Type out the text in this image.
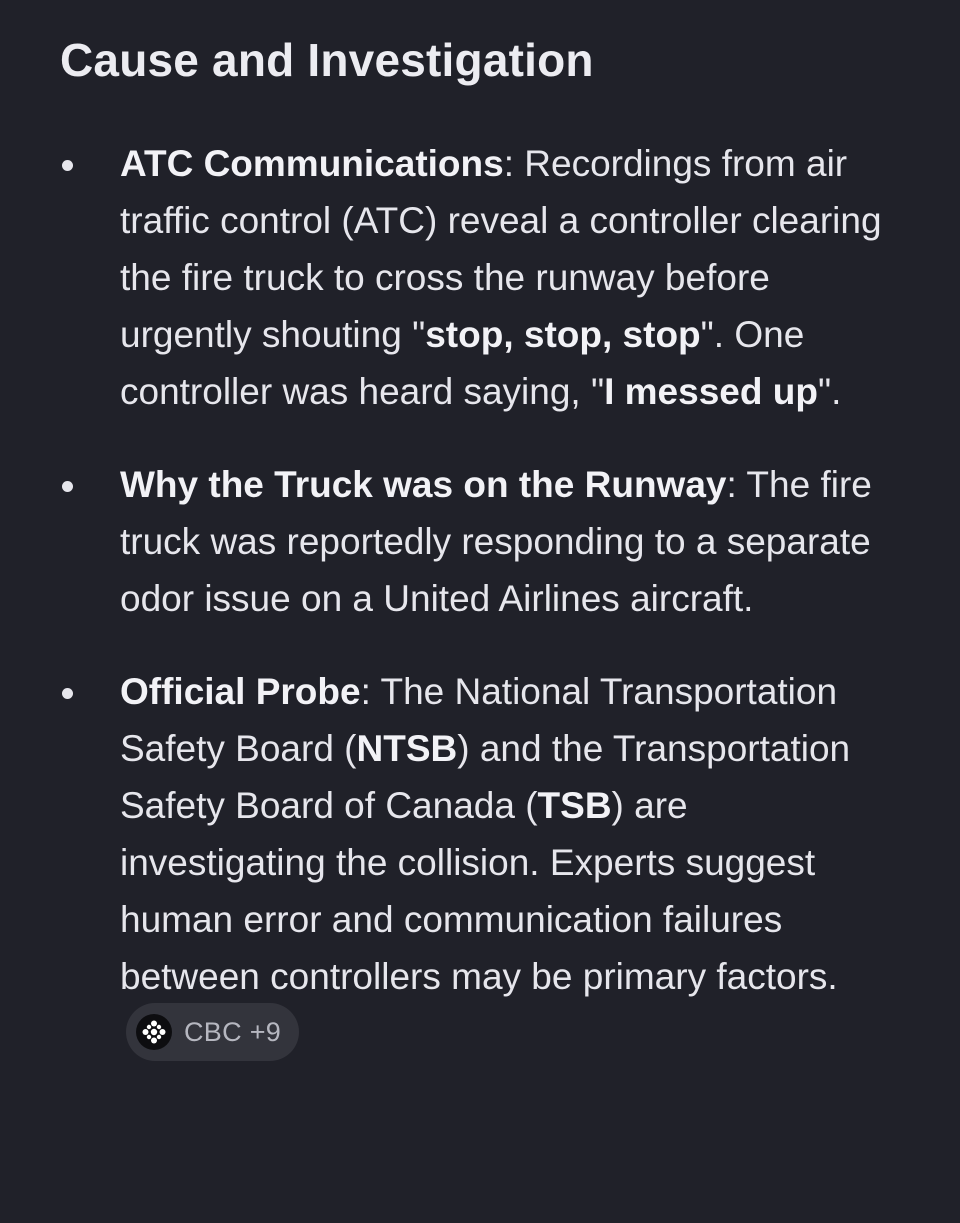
Cause and Investigation
ATC Communications: Recordings from air traffic control (ATC) reveal a controller clearing the fire truck to cross the runway before urgently shouting "stop, stop, stop". One controller was heard saying, "I messed up".
Why the Truck was on the Runway: The fire truck was reportedly responding to a separate odor issue on a United Airlines aircraft.
Official Probe: The National Transportation Safety Board (NTSB) and the Transportation Safety Board of Canada (TSB) are investigating the collision. Experts suggest human error and communication failures between controllers may be primary factors.
CBC +9
